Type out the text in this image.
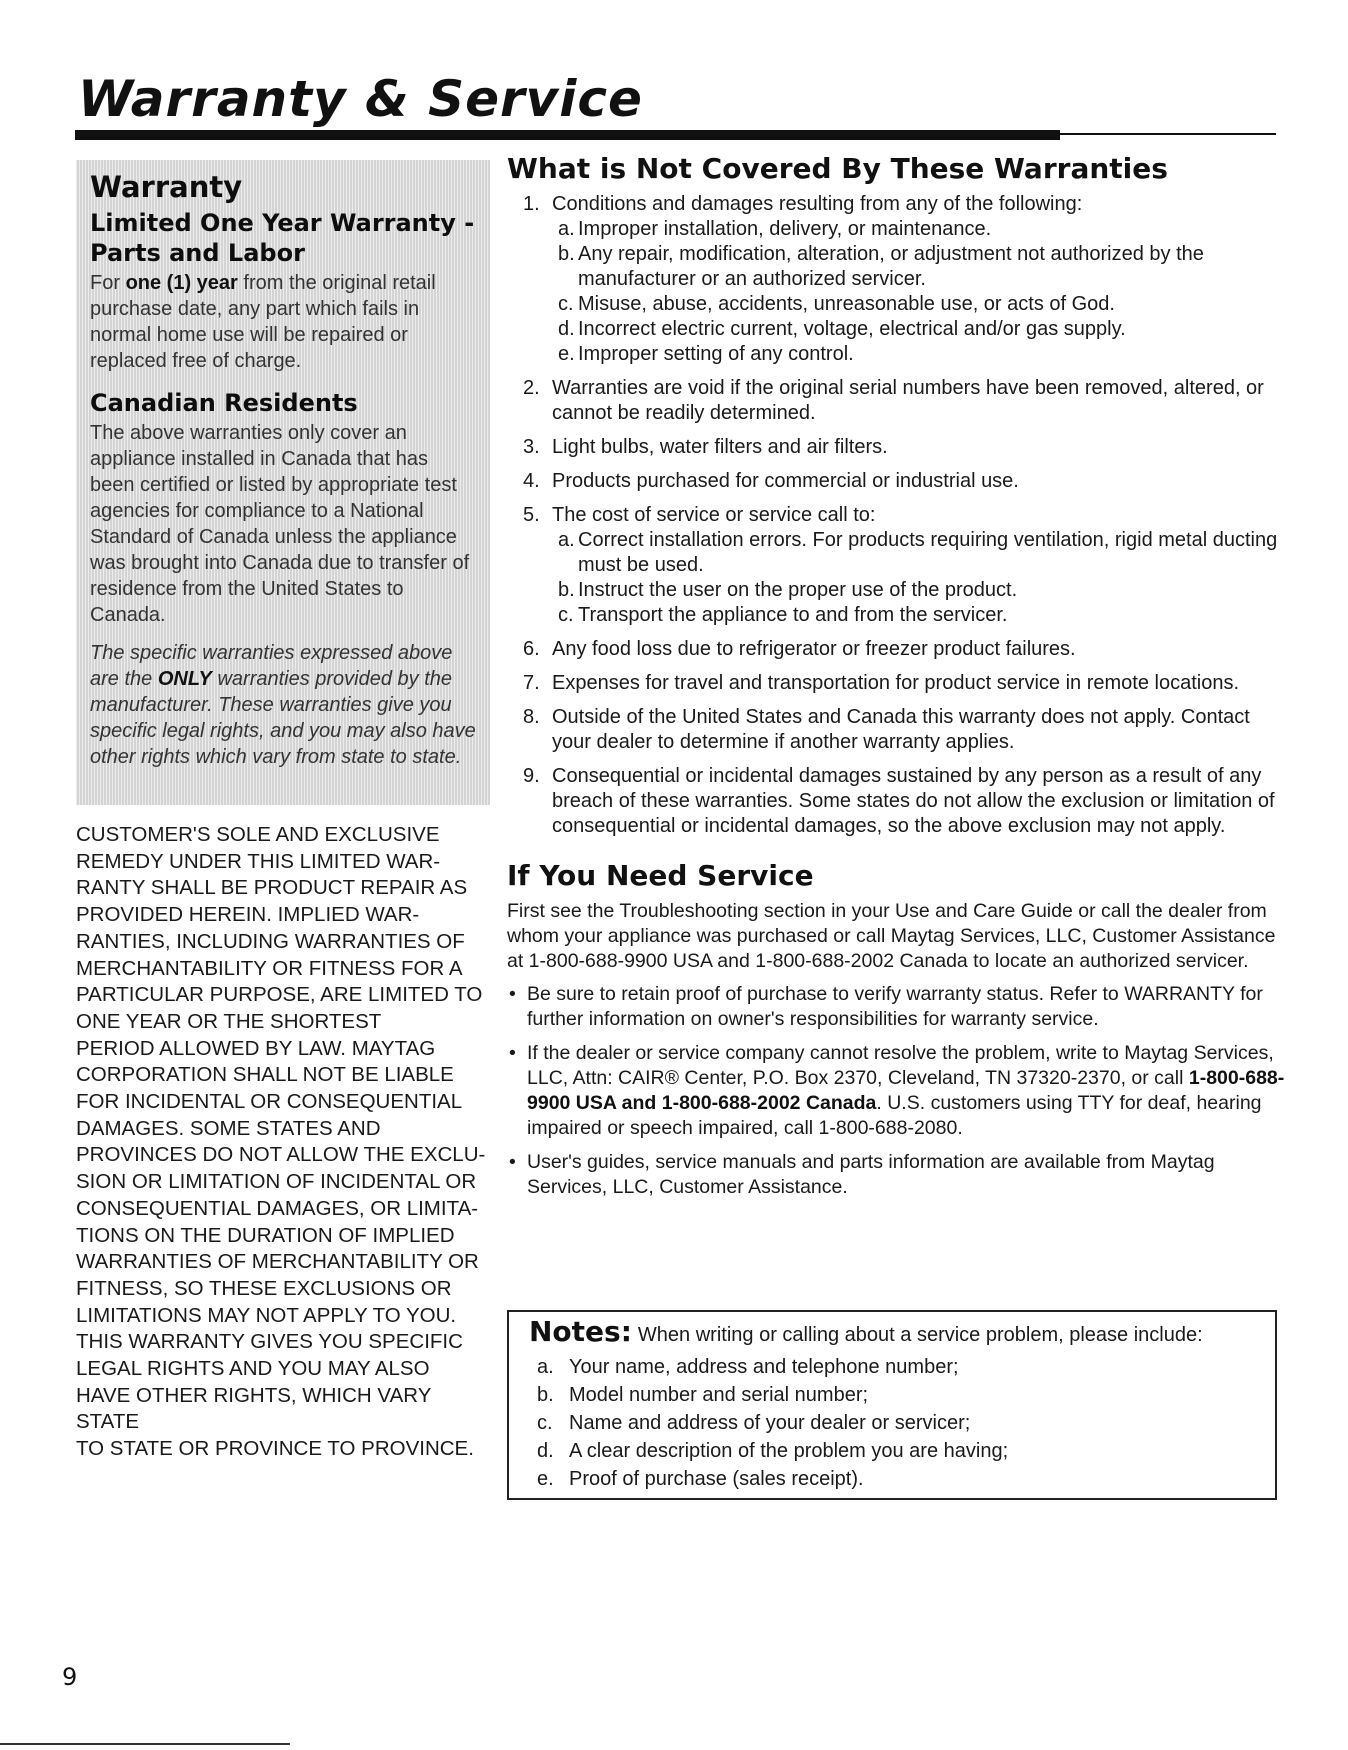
Warranty & Service
Warranty
Limited One Year Warranty -
Parts and Labor

For one (1) year from the original retail purchase date, any part which fails in normal home use will be repaired or replaced free of charge.

Canadian Residents

The above warranties only cover an appliance installed in Canada that has been certified or listed by appropriate test agencies for compliance to a National Standard of Canada unless the appliance was brought into Canada due to transfer of residence from the United States to Canada.

The specific warranties expressed above are the ONLY warranties provided by the manufacturer. These warranties give you specific legal rights, and you may also have other rights which vary from state to state.

CUSTOMER'S SOLE AND EXCLUSIVE
REMEDY UNDER THIS LIMITED WAR-
RANTY SHALL BE PRODUCT REPAIR AS
PROVIDED HEREIN. IMPLIED WAR-
RANTIES, INCLUDING WARRANTIES OF
MERCHANTABILITY OR FITNESS FOR A
PARTICULAR PURPOSE, ARE LIMITED TO
ONE YEAR OR THE SHORTEST
PERIOD ALLOWED BY LAW. MAYTAG
CORPORATION SHALL NOT BE LIABLE
FOR INCIDENTAL OR CONSEQUENTIAL
DAMAGES. SOME STATES AND
PROVINCES DO NOT ALLOW THE EXCLU-
SION OR LIMITATION OF INCIDENTAL OR
CONSEQUENTIAL DAMAGES, OR LIMITA-
TIONS ON THE DURATION OF IMPLIED
WARRANTIES OF MERCHANTABILITY OR
FITNESS, SO THESE EXCLUSIONS OR
LIMITATIONS MAY NOT APPLY TO YOU.
THIS WARRANTY GIVES YOU SPECIFIC
LEGAL RIGHTS AND YOU MAY ALSO
HAVE OTHER RIGHTS, WHICH VARY STATE
TO STATE OR PROVINCE TO PROVINCE.

What is Not Covered By These Warranties
1. Conditions and damages resulting from any of the following:
a. Improper installation, delivery, or maintenance.
b. Any repair, modification, alteration, or adjustment not authorized by the manufacturer or an authorized servicer.
c. Misuse, abuse, accidents, unreasonable use, or acts of God.
d. Incorrect electric current, voltage, electrical and/or gas supply.
e. Improper setting of any control.
2. Warranties are void if the original serial numbers have been removed, altered, or cannot be readily determined.
3. Light bulbs, water filters and air filters.
4. Products purchased for commercial or industrial use.
5. The cost of service or service call to:
a. Correct installation errors. For products requiring ventilation, rigid metal ducting must be used.
b. Instruct the user on the proper use of the product.
c. Transport the appliance to and from the servicer.
6. Any food loss due to refrigerator or freezer product failures.
7. Expenses for travel and transportation for product service in remote locations.
8. Outside of the United States and Canada this warranty does not apply. Contact your dealer to determine if another warranty applies.
9. Consequential or incidental damages sustained by any person as a result of any breach of these warranties. Some states do not allow the exclusion or limitation of consequential or incidental damages, so the above exclusion may not apply.
If You Need Service

First see the Troubleshooting section in your Use and Care Guide or call the dealer from whom your appliance was purchased or call Maytag Services, LLC, Customer Assistance at 1-800-688-9900 USA and 1-800-688-2002 Canada to locate an authorized servicer.

• Be sure to retain proof of purchase to verify warranty status. Refer to WARRANTY for further information on owner's responsibilities for warranty service.
• If the dealer or service company cannot resolve the problem, write to Maytag Services, LLC, Attn: CAIR® Center, P.O. Box 2370, Cleveland, TN 37320-2370, or call 1-800-688-9900 USA and 1-800-688-2002 Canada. U.S. customers using TTY for deaf, hearing impaired or speech impaired, call 1-800-688-2080.
• User's guides, service manuals and parts information are available from Maytag Services, LLC, Customer Assistance.

Notes: When writing or calling about a service problem, please include:

a. Your name, address and telephone number;
b. Model number and serial number;
c. Name and address of your dealer or servicer;
d. A clear description of the problem you are having;
e. Proof of purchase (sales receipt).
9
